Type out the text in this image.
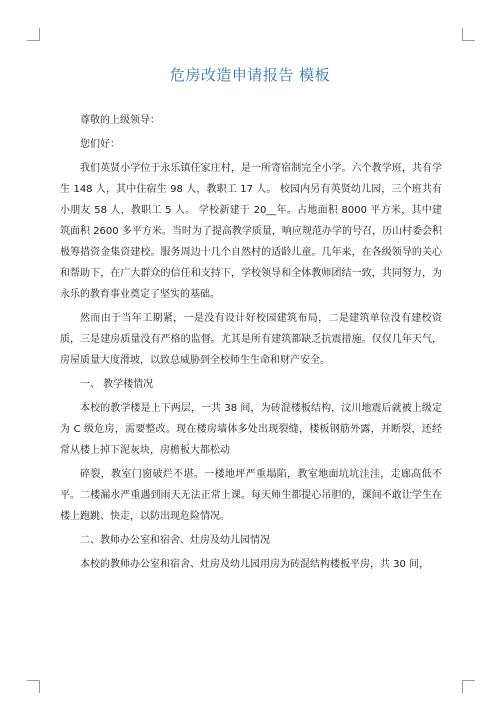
危房改造申请报告 模板

尊敬的上级领导：

您们好：

我们英贤小学位于永乐镇任家庄村，是一所寄宿制完全小学。六个教学班，共有学生 148 人，其中住宿生 98 人，教职工 17 人。 校园内另有英贤幼儿园，三个班共有小朋友 58 人，教职工 5 人。 学校新建于 20__年。占地面积 8000 平方米，其中建筑面积 2600 多平方米。当时为了提高教学质量，响应规范办学的号召，历山村委会积极筹措资金集资建校。服务周边十几个自然村的适龄儿童。几年来，在各级领导的关心和帮助下，在广大群众的信任和支持下，学校领导和全体教师团结一致，共同努力，为永乐的教育事业奠定了坚实的基础。

然而由于当年工期紧，一是没有设计好校园建筑布局，二是建筑单位没有建校资质，三是建房质量没有严格的监督。尤其是所有建筑都缺乏抗震措施。仅仅几年天气，房屋质量大度滑坡，以致总威胁到全校师生生命和财产安全。

一、 教学楼情况

本校的教学楼是上下两层，一共 38 间，为砖混楼板结构，汶川地震后就被上级定为 C 级危房，需要整改。现在楼房墙体多处出现裂缝，楼板钢筋外露，并断裂，还经常从楼上掉下泥灰块，房檐板大都松动

碎裂，教室门窗破烂不堪。一楼地坪严重塌陷，教室地面坑坑洼洼，走廊高低不平。二楼漏水严重遇到雨天无法正常上课。每天师生都提心吊胆的，课间不敢让学生在楼上跑跳、快走，以防出现危险情况。

二、教师办公室和宿舍、灶房及幼儿园情况

本校的教师办公室和宿舍、灶房及幼儿园用房为砖混结构楼板平房，共 30 间，
